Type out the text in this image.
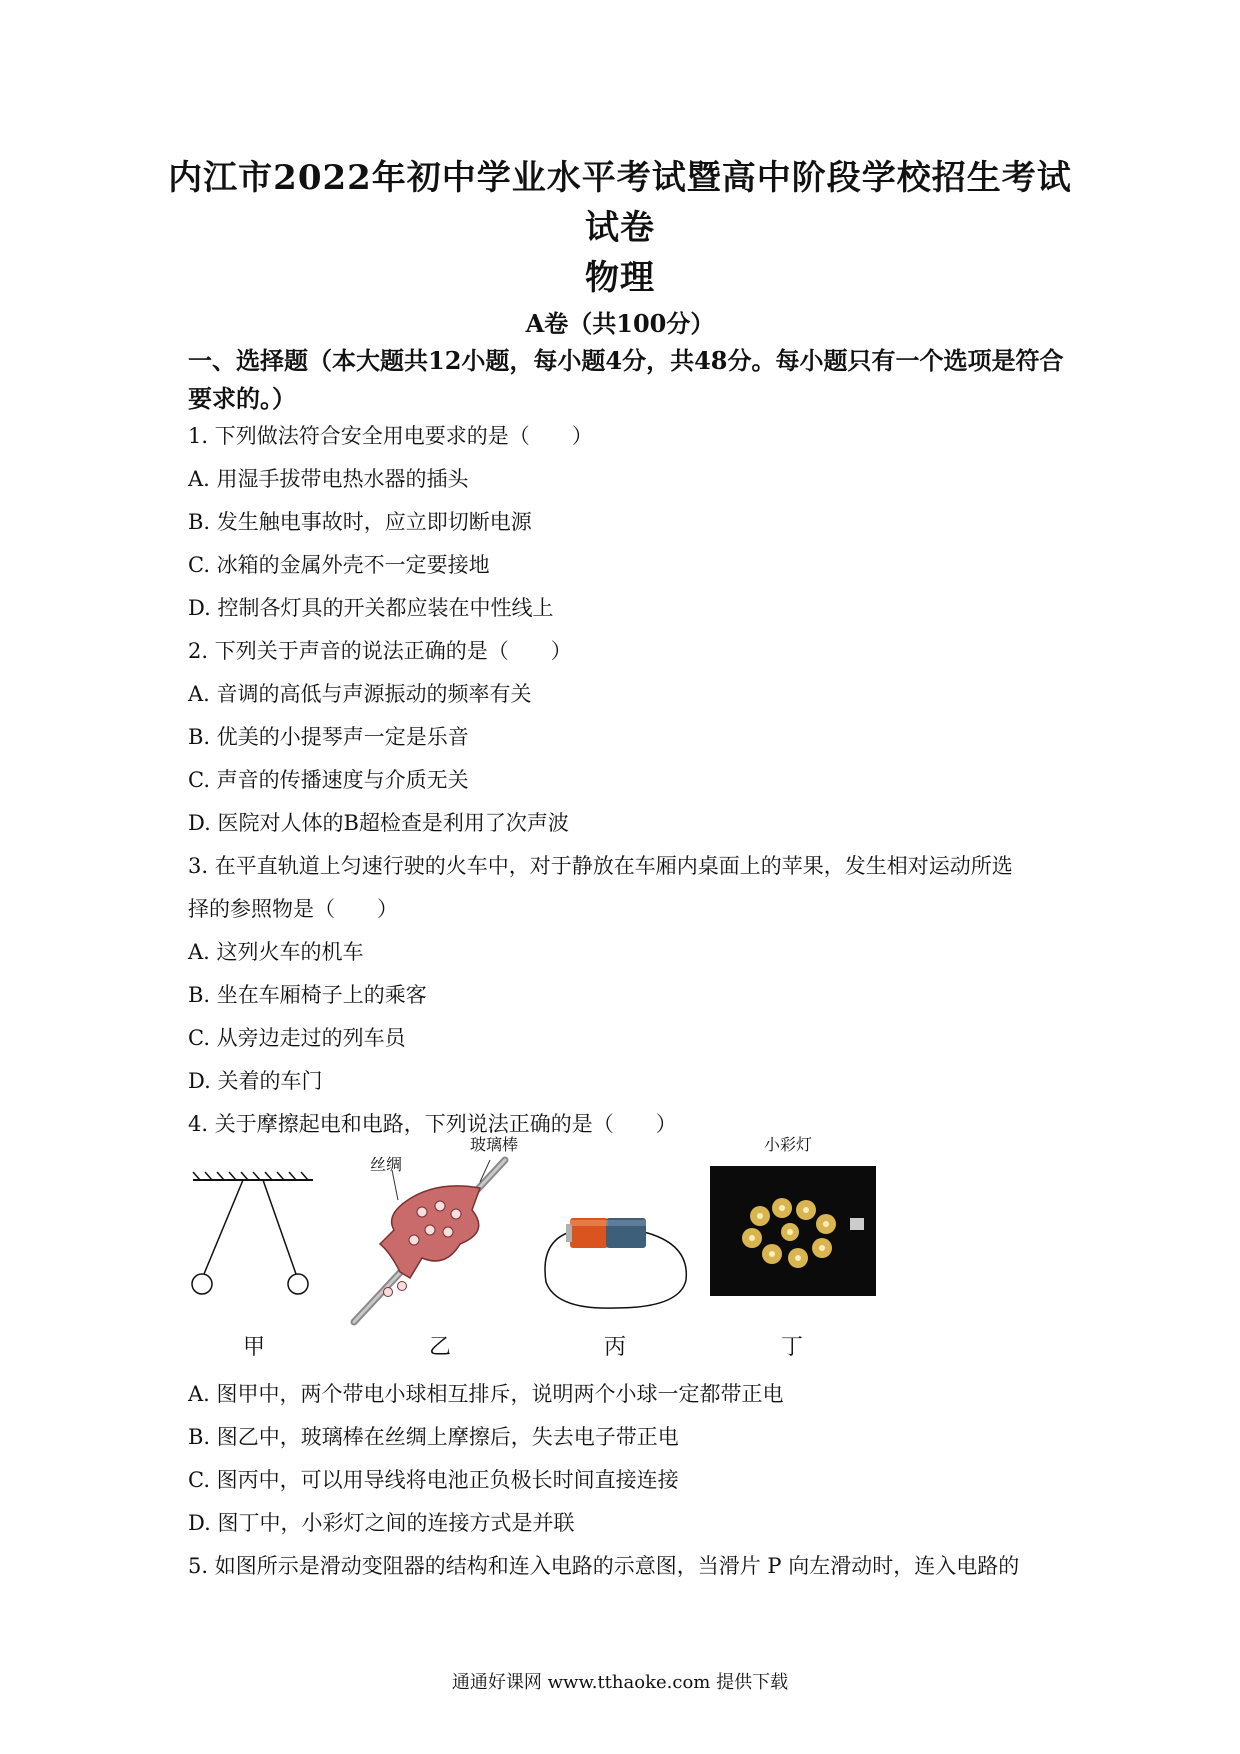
内江市2022年初中学业水平考试暨高中阶段学校招生考试
试卷
物理
A卷（共100分）
一、选择题（本大题共12小题，每小题4分，共48分。每小题只有一个选项是符合要求的。）
1. 下列做法符合安全用电要求的是（　　）
A. 用湿手拔带电热水器的插头
B. 发生触电事故时，应立即切断电源
C. 冰箱的金属外壳不一定要接地
D. 控制各灯具的开关都应装在中性线上
2. 下列关于声音的说法正确的是（　　）
A. 音调的高低与声源振动的频率有关
B. 优美的小提琴声一定是乐音
C. 声音的传播速度与介质无关
D. 医院对人体的B超检查是利用了次声波
3. 在平直轨道上匀速行驶的火车中，对于静放在车厢内桌面上的苹果，发生相对运动所选
择的参照物是（　　）
A. 这列火车的机车
B. 坐在车厢椅子上的乘客
C. 从旁边走过的列车员
D. 关着的车门
4. 关于摩擦起电和电路，下列说法正确的是（　　）
玻璃棒
丝绸
小彩灯
甲	乙	丙	丁
A. 图甲中，两个带电小球相互排斥，说明两个小球一定都带正电
B. 图乙中，玻璃棒在丝绸上摩擦后，失去电子带正电
C. 图丙中，可以用导线将电池正负极长时间直接连接
D. 图丁中，小彩灯之间的连接方式是并联
5. 如图所示是滑动变阻器的结构和连入电路的示意图，当滑片 P 向左滑动时，连入电路的
通通好课网 www.tthaoke.com 提供下载
